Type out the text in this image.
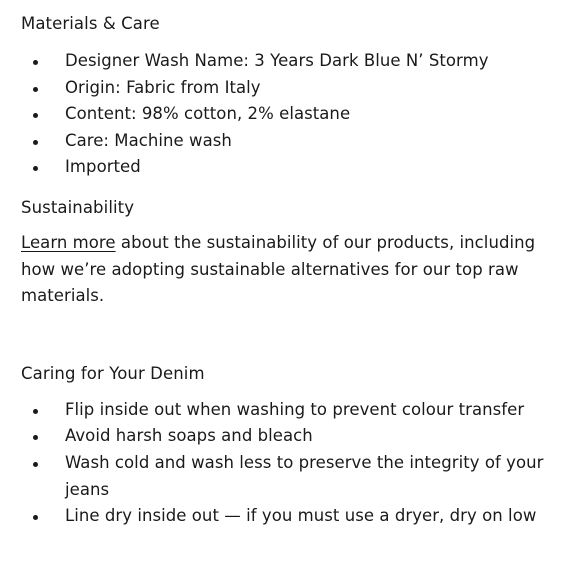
Materials & Care
Designer Wash Name: 3 Years Dark Blue N’ Stormy
Origin: Fabric from Italy
Content: 98% cotton, 2% elastane
Care: Machine wash
Imported
Sustainability

Learn more about the sustainability of our products, including how we’re adopting sustainable alternatives for our top raw materials.

Caring for Your Denim
Flip inside out when washing to prevent colour transfer
Avoid harsh soaps and bleach
Wash cold and wash less to preserve the integrity of your jeans
Line dry inside out — if you must use a dryer, dry on low
